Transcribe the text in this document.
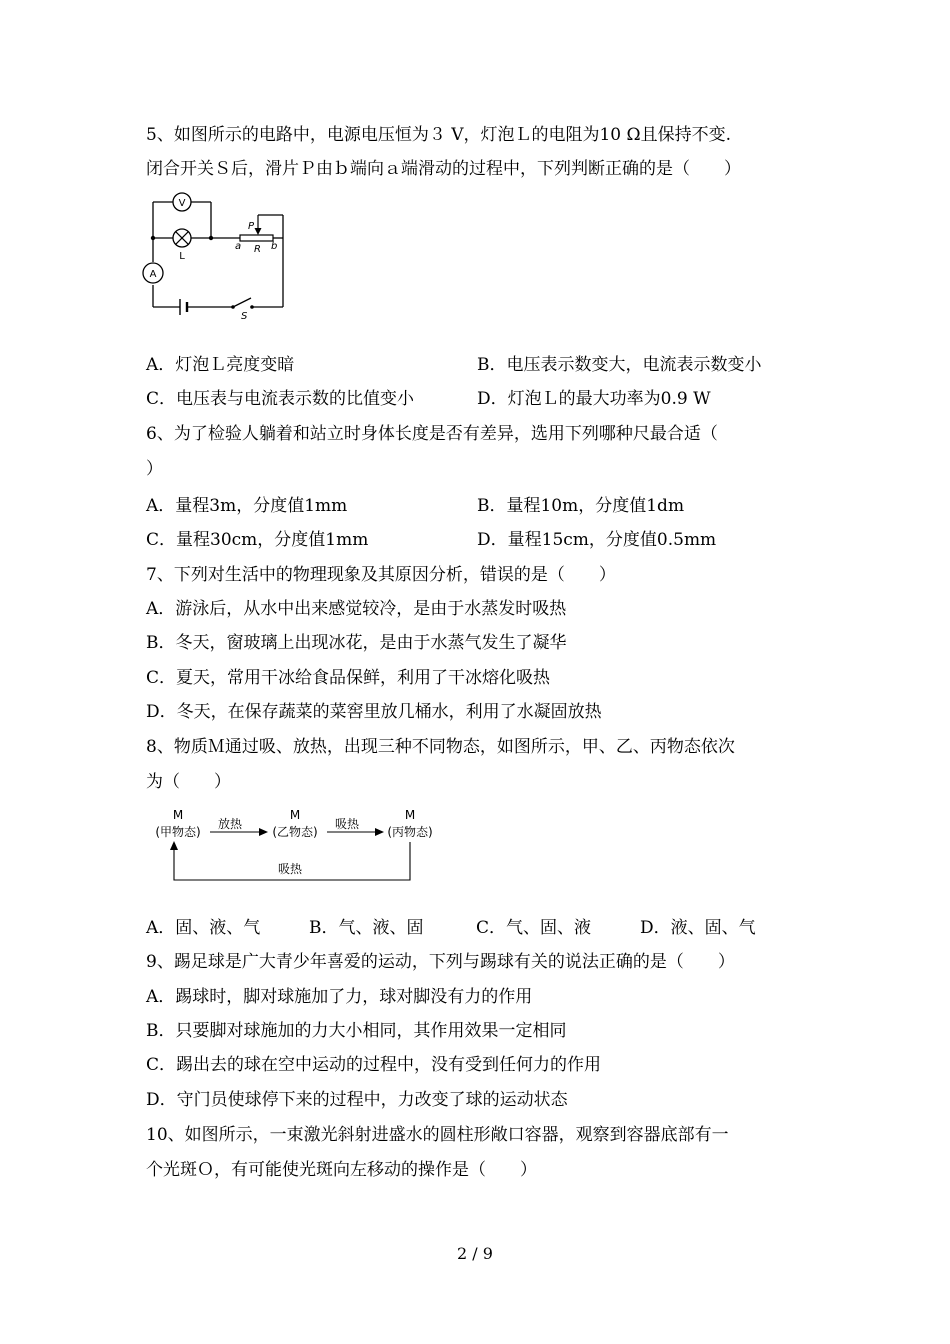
5、如图所示的电路中，电源电压恒为３ V，灯泡Ｌ的电阻为10 Ω且保持不变.
闭合开关Ｓ后，滑片Ｐ由ｂ端向ａ端滑动的过程中，下列判断正确的是（　　）
V
L
A
P
a R b
S
A．灯泡Ｌ亮度变暗	B．电压表示数变大，电流表示数变小
C．电压表与电流表示数的比值变小	D．灯泡Ｌ的最大功率为0.9 W
6、为了检验人躺着和站立时身体长度是否有差异，选用下列哪种尺最合适（
）
A．量程3m，分度值1mm	B．量程10m，分度值1dm
C．量程30cm，分度值1mm	D．量程15cm，分度值0.5mm
7、下列对生活中的物理现象及其原因分析，错误的是（　　）
A．游泳后，从水中出来感觉较冷，是由于水蒸发时吸热
B．冬天，窗玻璃上出现冰花，是由于水蒸气发生了凝华
C．夏天，常用干冰给食品保鲜，利用了干冰熔化吸热
D．冬天，在保存蔬菜的菜窖里放几桶水，利用了水凝固放热
8、物质Ｍ通过吸、放热，出现三种不同物态，如图所示，甲、乙、丙物态依次
为（　　）
M
(甲物态)
M
(乙物态)
M
(丙物态)
放热	吸热
吸热
A．固、液、气	B．气、液、固	C．气、固、液	D．液、固、气
9、踢足球是广大青少年喜爱的运动，下列与踢球有关的说法正确的是（　　）
A．踢球时，脚对球施加了力，球对脚没有力的作用
B．只要脚对球施加的力大小相同，其作用效果一定相同
C．踢出去的球在空中运动的过程中，没有受到任何力的作用
D．守门员使球停下来的过程中，力改变了球的运动状态
10、如图所示，一束激光斜射进盛水的圆柱形敞口容器，观察到容器底部有一
个光斑Ｏ，有可能使光斑向左移动的操作是（　　）
2 / 9
